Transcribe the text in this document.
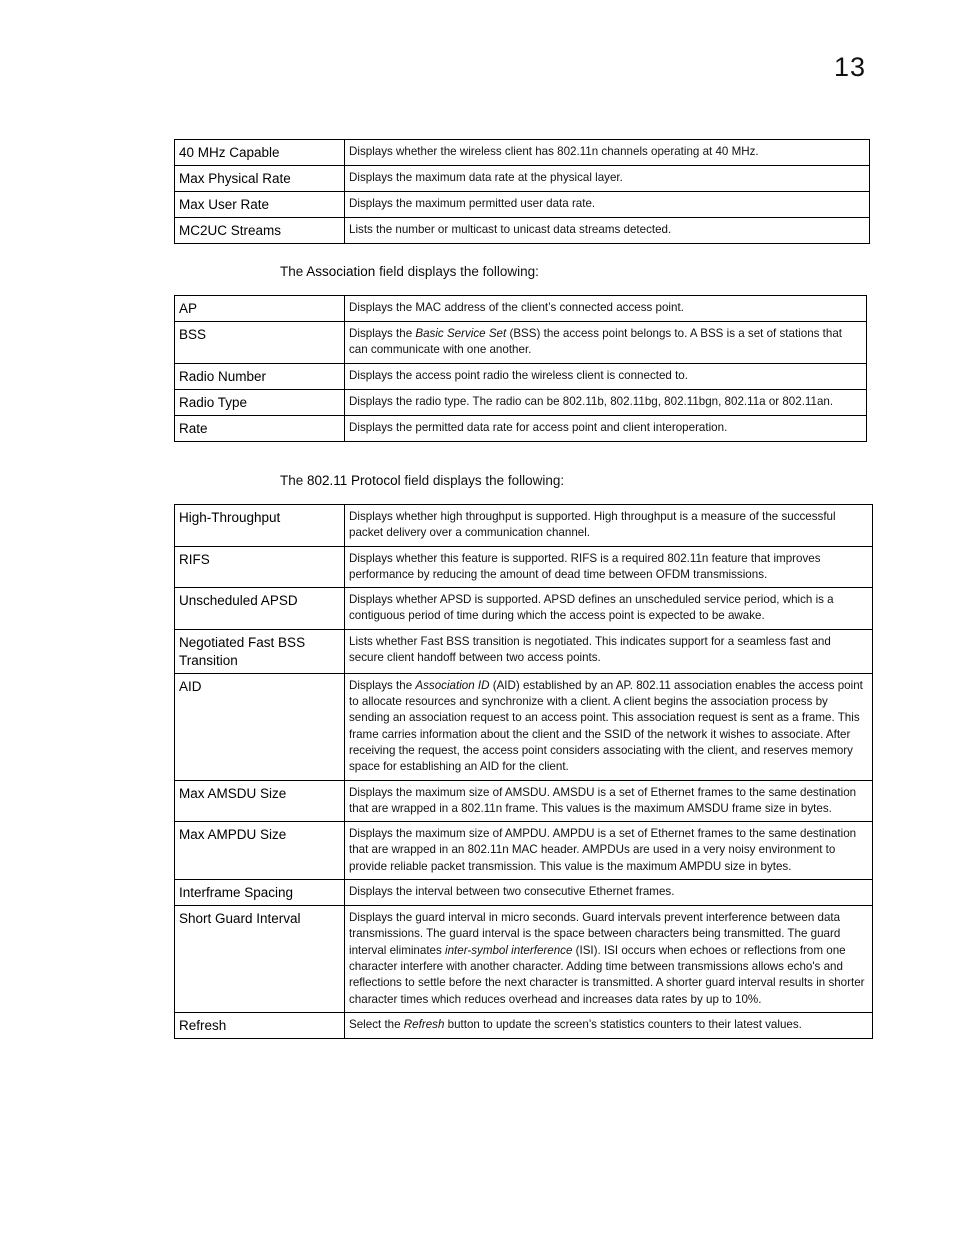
13
40 MHz Capable	Displays whether the wireless client has 802.11n channels operating at 40 MHz.
Max Physical Rate	Displays the maximum data rate at the physical layer.
Max User Rate	Displays the maximum permitted user data rate.
MC2UC Streams	Lists the number or multicast to unicast data streams detected.
The Association field displays the following:
AP	Displays the MAC address of the client’s connected access point.
BSS	Displays the Basic Service Set (BSS) the access point belongs to. A BSS is a set of stations that can communicate with one another.
Radio Number	Displays the access point radio the wireless client is connected to.
Radio Type	Displays the radio type. The radio can be 802.11b, 802.11bg, 802.11bgn, 802.11a or 802.11an.
Rate	Displays the permitted data rate for access point and client interoperation.
The 802.11 Protocol field displays the following:
High-Throughput	Displays whether high throughput is supported. High throughput is a measure of the successful packet delivery over a communication channel.
RIFS	Displays whether this feature is supported. RIFS is a required 802.11n feature that improves performance by reducing the amount of dead time between OFDM transmissions.
Unscheduled APSD	Displays whether APSD is supported. APSD defines an unscheduled service period, which is a contiguous period of time during which the access point is expected to be awake.
Negotiated Fast BSS Transition	Lists whether Fast BSS transition is negotiated. This indicates support for a seamless fast and secure client handoff between two access points.
AID	Displays the Association ID (AID) established by an AP. 802.11 association enables the access point to allocate resources and synchronize with a client. A client begins the association process by sending an association request to an access point. This association request is sent as a frame. This frame carries information about the client and the SSID of the network it wishes to associate. After receiving the request, the access point considers associating with the client, and reserves memory space for establishing an AID for the client.
Max AMSDU Size	Displays the maximum size of AMSDU. AMSDU is a set of Ethernet frames to the same destination that are wrapped in a 802.11n frame. This values is the maximum AMSDU frame size in bytes.
Max AMPDU Size	Displays the maximum size of AMPDU. AMPDU is a set of Ethernet frames to the same destination that are wrapped in an 802.11n MAC header. AMPDUs are used in a very noisy environment to provide reliable packet transmission. This value is the maximum AMPDU size in bytes.
Interframe Spacing	Displays the interval between two consecutive Ethernet frames.
Short Guard Interval	Displays the guard interval in micro seconds. Guard intervals prevent interference between data transmissions. The guard interval is the space between characters being transmitted. The guard interval eliminates inter-symbol interference (ISI). ISI occurs when echoes or reflections from one character interfere with another character. Adding time between transmissions allows echo's and reflections to settle before the next character is transmitted. A shorter guard interval results in shorter character times which reduces overhead and increases data rates by up to 10%.
Refresh	Select the Refresh button to update the screen’s statistics counters to their latest values.
